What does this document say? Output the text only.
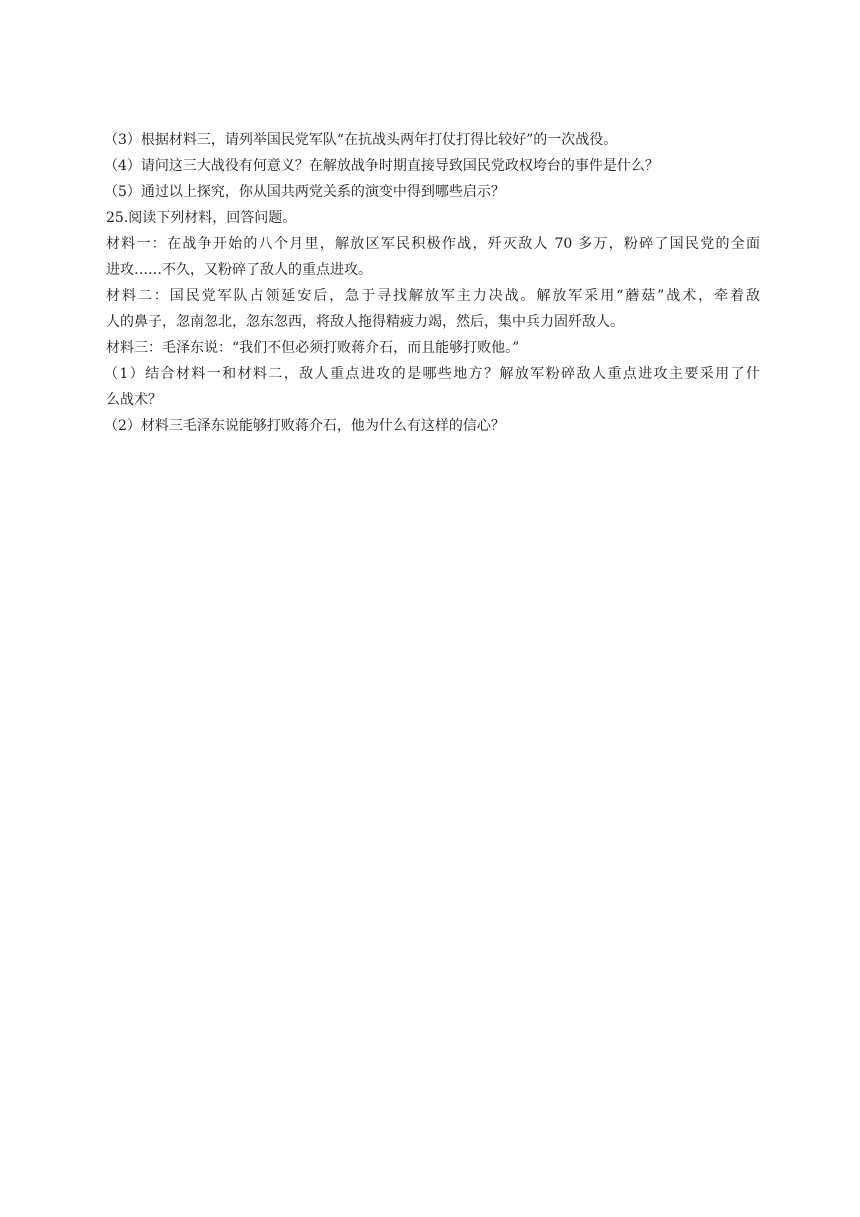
（3）根据材料三，请列举国民党军队“在抗战头两年打仗打得比较好”的一次战役。
（4）请问这三大战役有何意义？在解放战争时期直接导致国民党政权垮台的事件是什么？
（5）通过以上探究，你从国共两党关系的演变中得到哪些启示？
25.阅读下列材料，回答问题。
材料一：在战争开始的八个月里，解放区军民积极作战，歼灭敌人 70 多万，粉碎了国民党的全面
进攻……不久，又粉碎了敌人的重点进攻。
材料二：国民党军队占领延安后，急于寻找解放军主力决战。解放军采用“蘑菇”战术，牵着敌
人的鼻子，忽南忽北，忽东忽西，将敌人拖得精疲力竭，然后，集中兵力固歼敌人。
材料三：毛泽东说：“我们不但必须打败蒋介石，而且能够打败他。”
（1）结合材料一和材料二，敌人重点进攻的是哪些地方？解放军粉碎敌人重点进攻主要采用了什
么战术？
（2）材料三毛泽东说能够打败蒋介石，他为什么有这样的信心？
